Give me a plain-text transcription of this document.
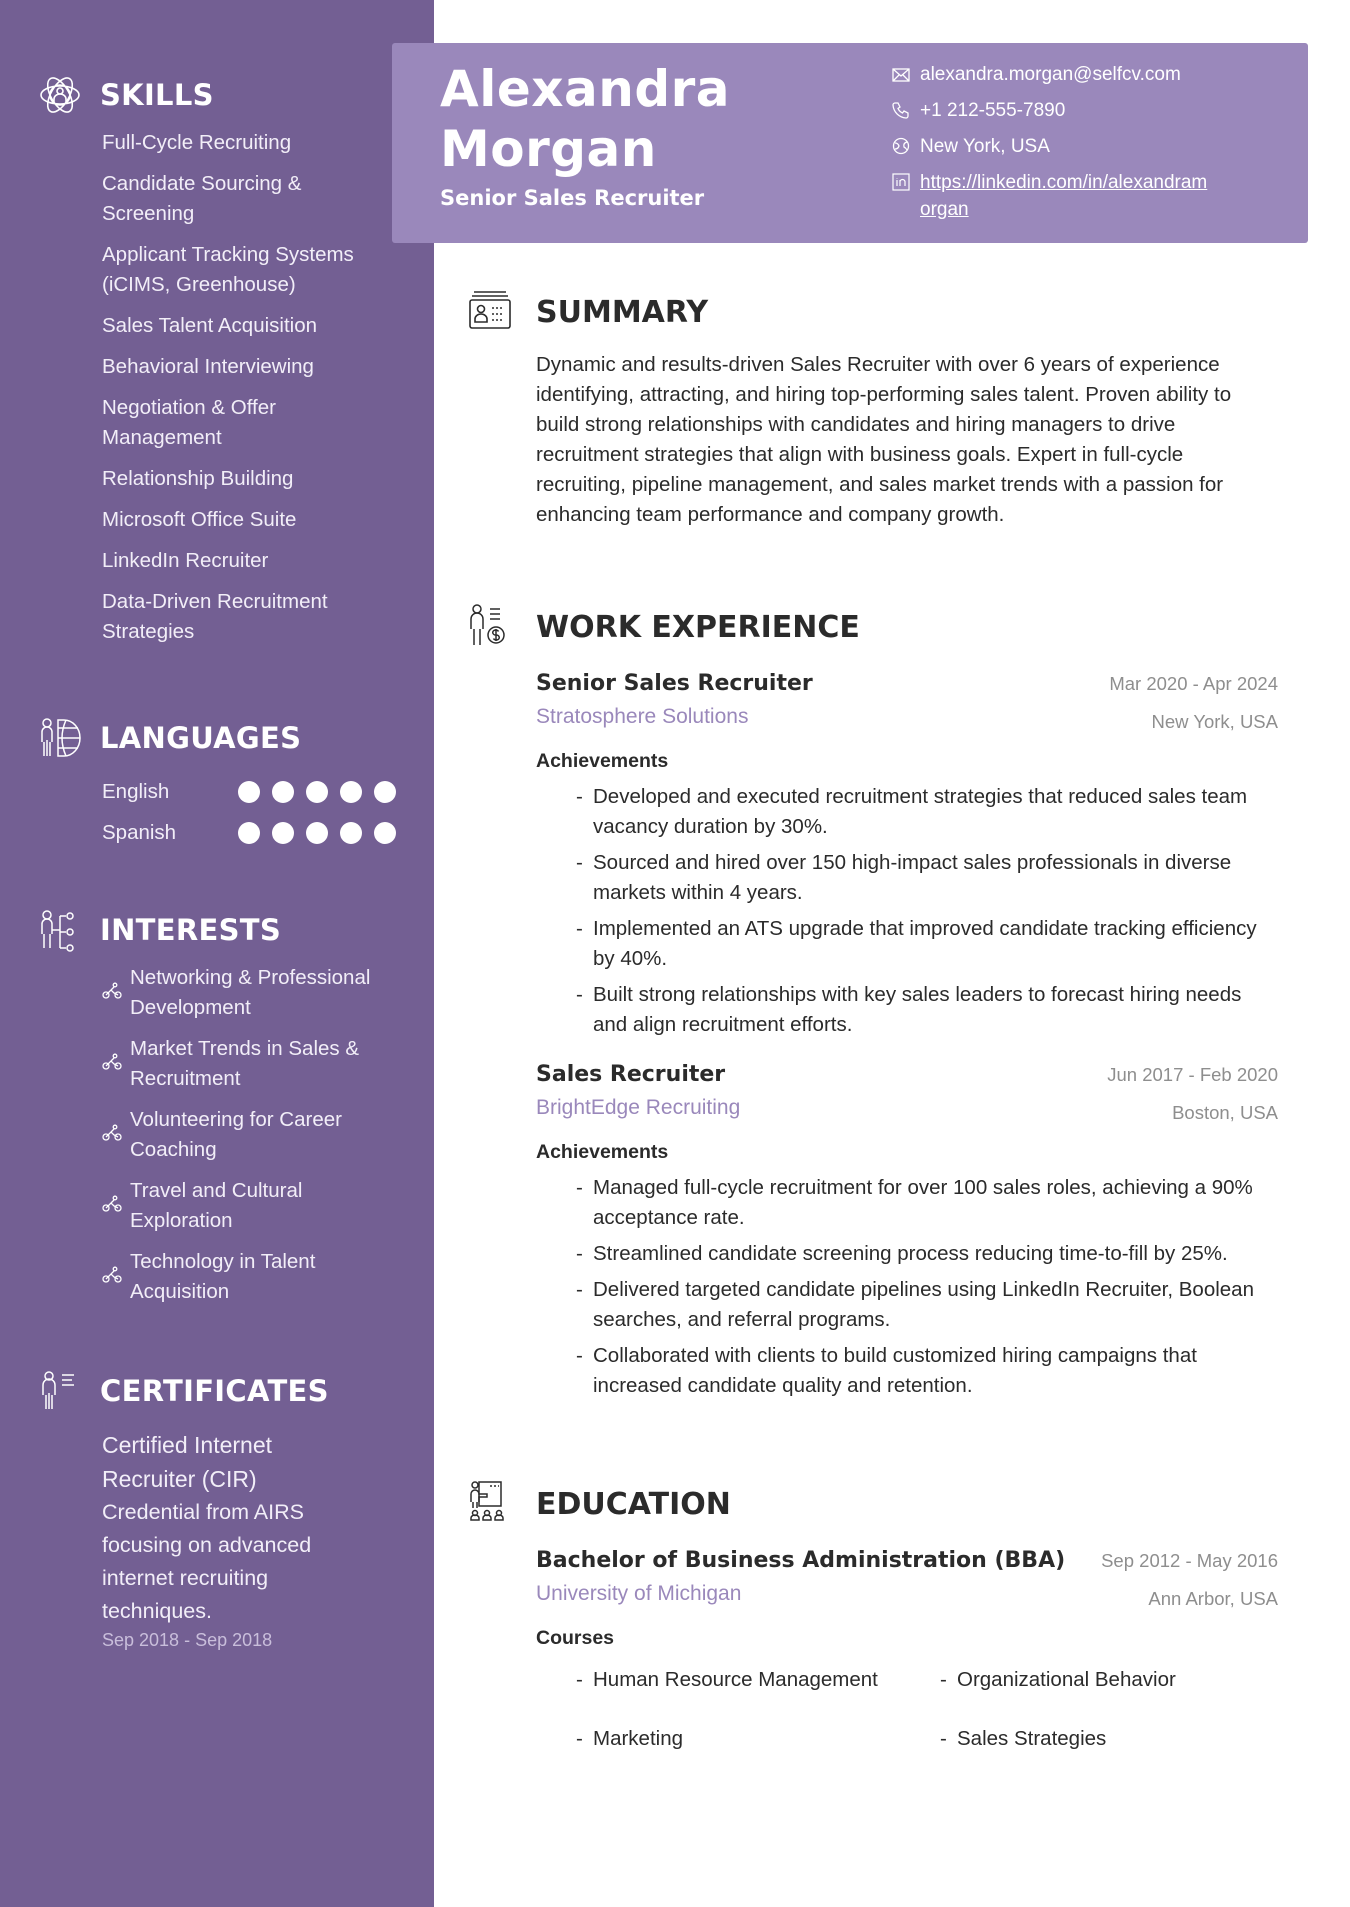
SKILLS
Full-Cycle Recruiting
Candidate Sourcing & Screening
Applicant Tracking Systems (iCIMS, Greenhouse)
Sales Talent Acquisition
Behavioral Interviewing
Negotiation & Offer Management
Relationship Building
Microsoft Office Suite
LinkedIn Recruiter
Data-Driven Recruitment Strategies
LANGUAGES
English
Spanish
INTERESTS
Networking & Professional Development
Market Trends in Sales & Recruitment
Volunteering for Career Coaching
Travel and Cultural Exploration
Technology in Talent Acquisition
CERTIFICATES
Certified Internet Recruiter (CIR)
Credential from AIRS focusing on advanced internet recruiting techniques.
Sep 2018 - Sep 2018
Alexandra
Morgan
Senior Sales Recruiter
alexandra.morgan@selfcv.com
+1 212-555-7890
New York, USA
https://linkedin.com/in/alexandram
organ
SUMMARY

Dynamic and results-driven Sales Recruiter with over 6 years of experience identifying, attracting, and hiring top-performing sales talent. Proven ability to build strong relationships with candidates and hiring managers to drive recruitment strategies that align with business goals. Expert in full-cycle recruiting, pipeline management, and sales market trends with a passion for enhancing team performance and company growth.

WORK EXPERIENCE
Senior Sales Recruiter	Mar 2020 - Apr 2024
Stratosphere Solutions	New York, USA
Achievements
- Developed and executed recruitment strategies that reduced sales team vacancy duration by 30%.
- Sourced and hired over 150 high-impact sales professionals in diverse markets within 4 years.
- Implemented an ATS upgrade that improved candidate tracking efficiency by 40%.
- Built strong relationships with key sales leaders to forecast hiring needs and align recruitment efforts.
Sales Recruiter	Jun 2017 - Feb 2020
BrightEdge Recruiting	Boston, USA
Achievements
- Managed full-cycle recruitment for over 100 sales roles, achieving a 90% acceptance rate.
- Streamlined candidate screening process reducing time-to-fill by 25%.
- Delivered targeted candidate pipelines using LinkedIn Recruiter, Boolean searches, and referral programs.
- Collaborated with clients to build customized hiring campaigns that increased candidate quality and retention.
EDUCATION
Bachelor of Business Administration (BBA)	Sep 2012 - May 2016
University of Michigan	Ann Arbor, USA
Courses
- Human Resource Management	- Organizational Behavior
- Marketing	- Sales Strategies
